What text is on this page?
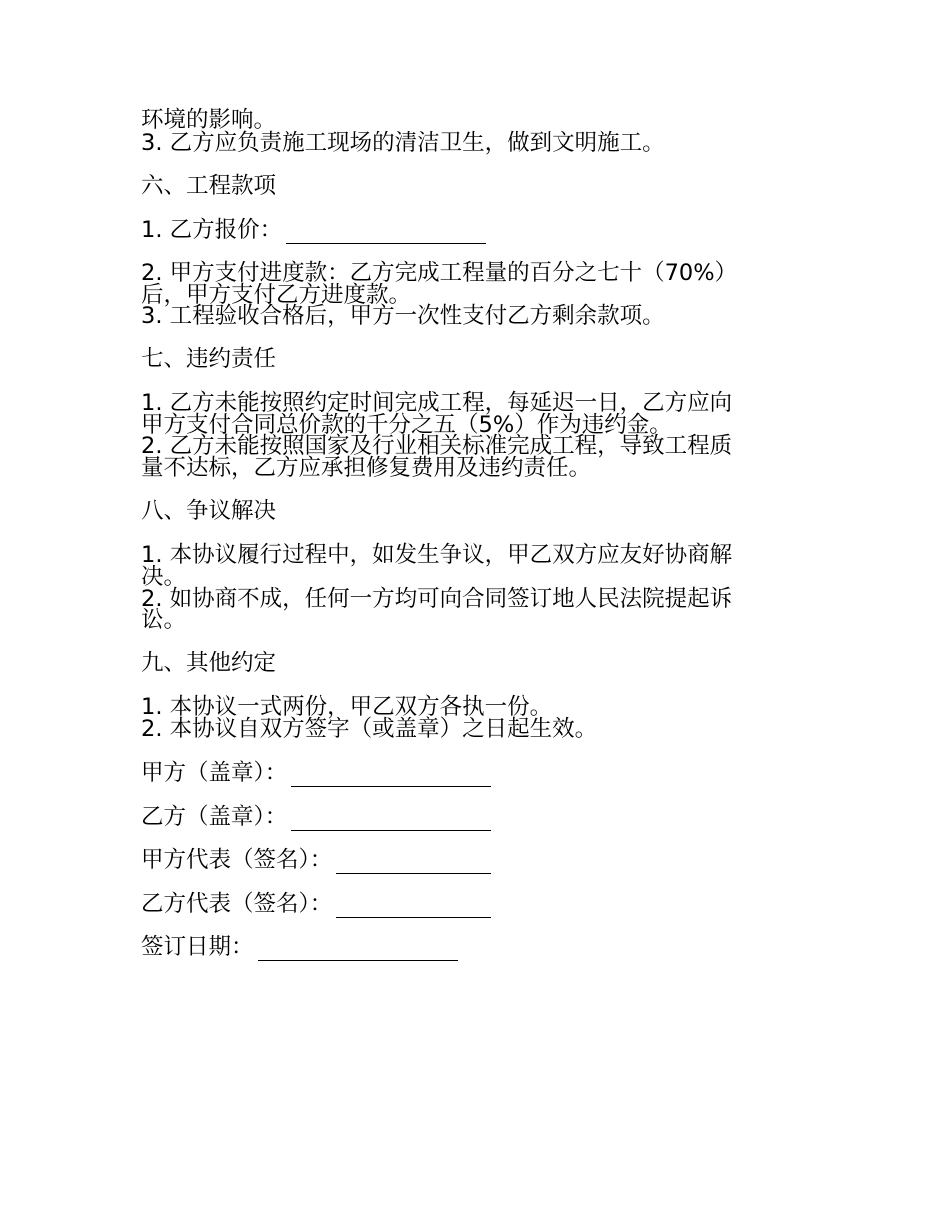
环境的影响。
3. 乙方应负责施工现场的清洁卫生，做到文明施工。
六、工程款项
1. 乙方报价：
2. 甲方支付进度款：乙方完成工程量的百分之七十（70%）
后，甲方支付乙方进度款。
3. 工程验收合格后，甲方一次性支付乙方剩余款项。
七、违约责任
1. 乙方未能按照约定时间完成工程，每延迟一日，乙方应向
甲方支付合同总价款的千分之五（5%）作为违约金。
2. 乙方未能按照国家及行业相关标准完成工程，导致工程质
量不达标，乙方应承担修复费用及违约责任。
八、争议解决
1. 本协议履行过程中，如发生争议，甲乙双方应友好协商解
决。
2. 如协商不成，任何一方均可向合同签订地人民法院提起诉
讼。
九、其他约定
1. 本协议一式两份，甲乙双方各执一份。
2. 本协议自双方签字（或盖章）之日起生效。
甲方（盖章）：
乙方（盖章）：
甲方代表（签名）：
乙方代表（签名）：
签订日期：
